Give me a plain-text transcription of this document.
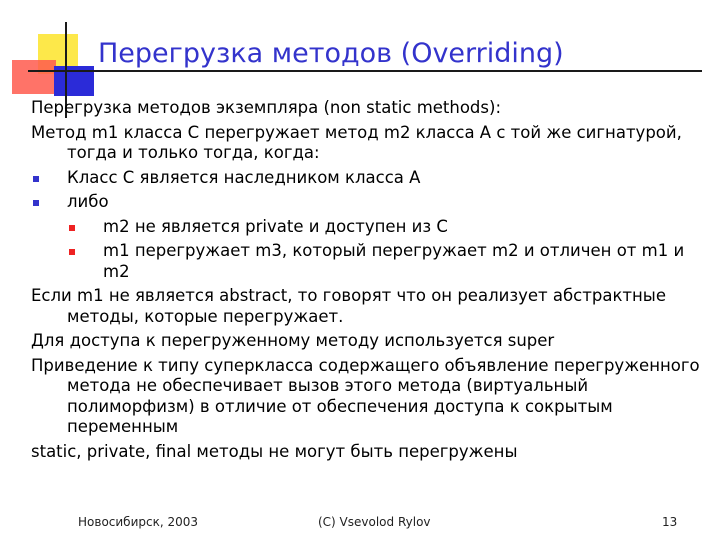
Перегрузка методов (Overriding)

Перегрузка методов экземпляра (non static methods):

Метод m1 класса C перегружает метод m2 класса A с той же сигнатурой, тогда и только тогда, когда:

Класс С является наследником класса A
либо
m2 не является private и доступен из C
m1 перегружает m3, который перегружает m2 и отличен от m1 и m2

Если m1 не является abstract, то говорят что он реализует абстрактные методы, которые перегружает.

Для доступа к перегруженному методу используется super

Приведение к типу суперкласса содержащего объявление перегруженного метода не обеспечивает вызов этого метода (виртуальный полиморфизм) в отличие от обеспечения доступа к сокрытым переменным

static, private, final методы не могут быть перегружены

Новосибирск, 2003	(C) Vsevolod Rylov	13
